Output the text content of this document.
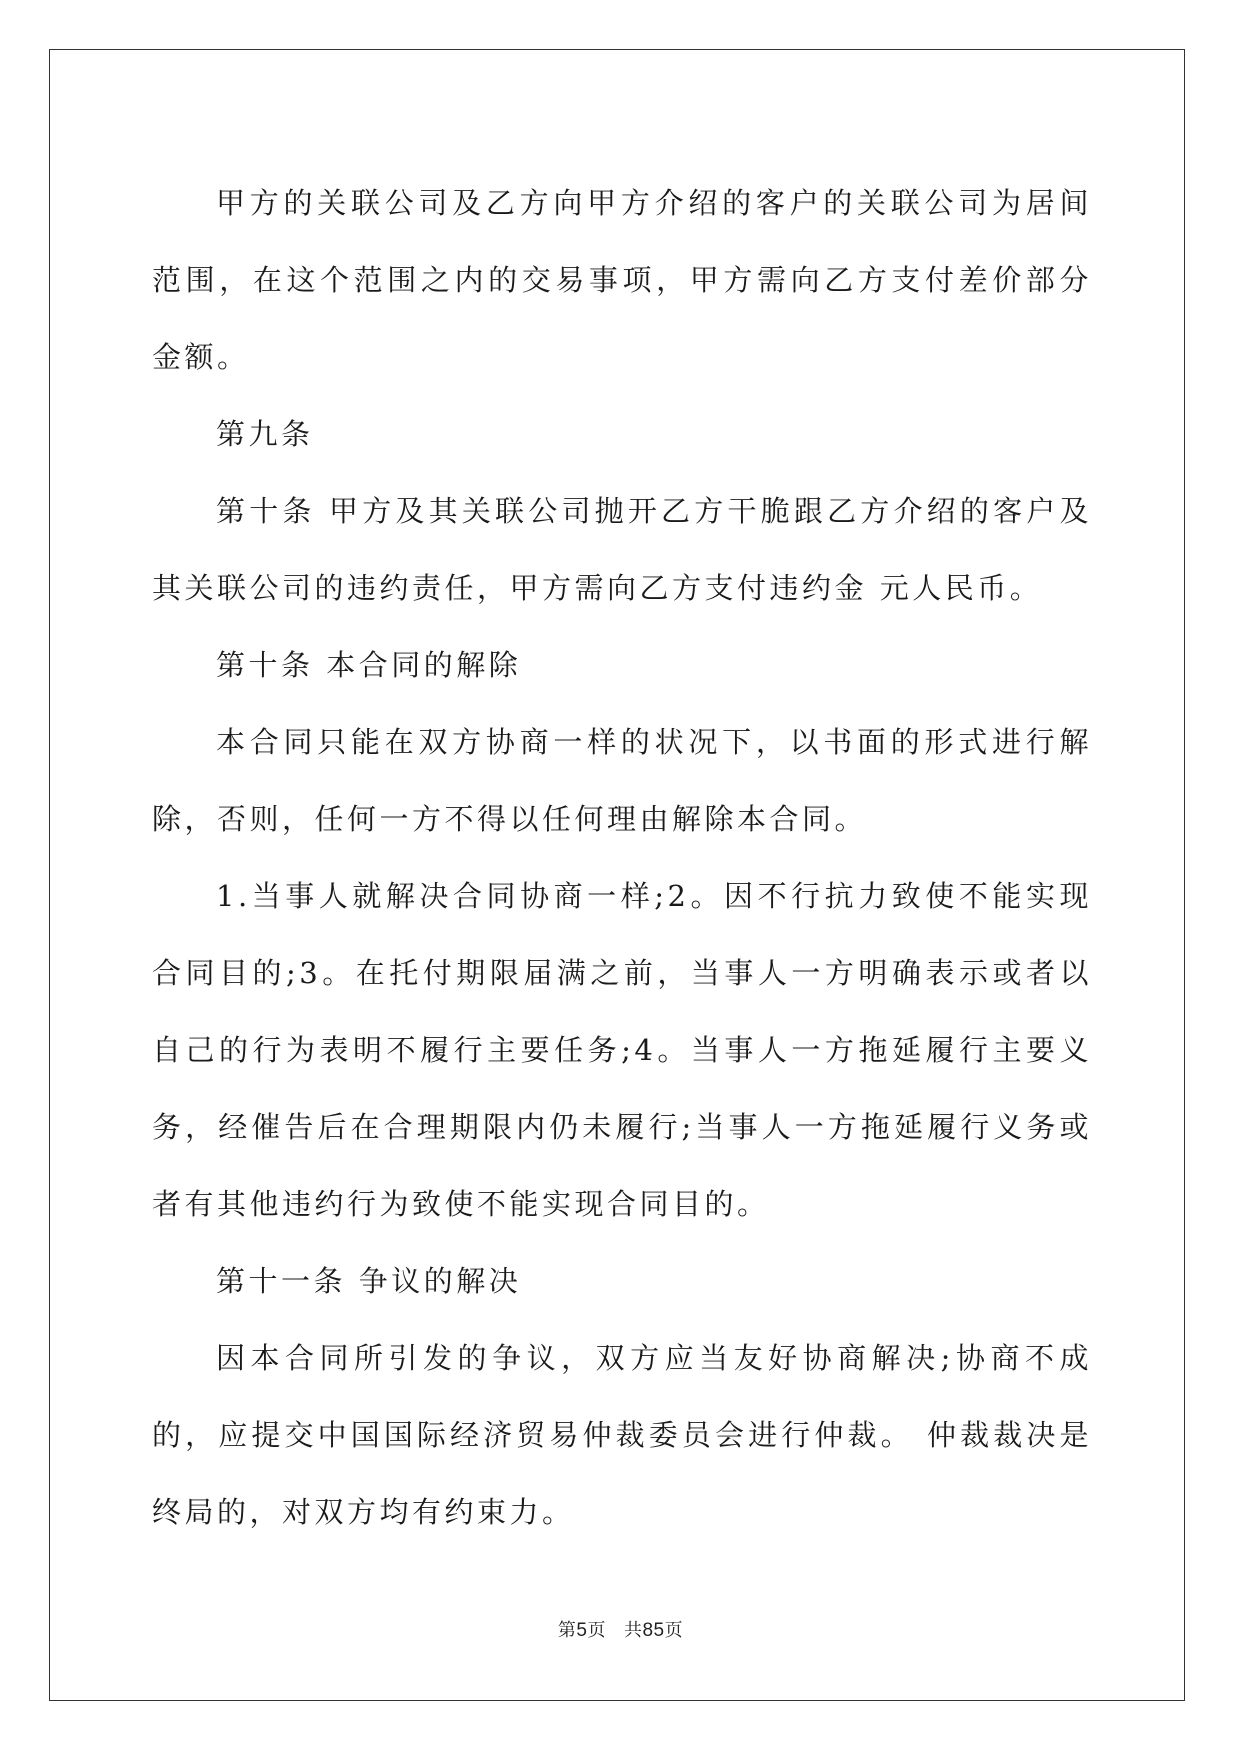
甲方的关联公司及乙方向甲方介绍的客户的关联公司为居间范围，在这个范围之内的交易事项，甲方需向乙方支付差价部分金额。

第九条

第十条 甲方及其关联公司抛开乙方干脆跟乙方介绍的客户及其关联公司的违约责任，甲方需向乙方支付违约金 元人民币。

第十条 本合同的解除

本合同只能在双方协商一样的状况下，以书面的形式进行解除，否则，任何一方不得以任何理由解除本合同。

1.当事人就解决合同协商一样;2。因不行抗力致使不能实现合同目的;3。在托付期限届满之前，当事人一方明确表示或者以自己的行为表明不履行主要任务;4。当事人一方拖延履行主要义务，经催告后在合理期限内仍未履行;当事人一方拖延履行义务或者有其他违约行为致使不能实现合同目的。

第十一条 争议的解决

因本合同所引发的争议，双方应当友好协商解决;协商不成的，应提交中国国际经济贸易仲裁委员会进行仲裁。 仲裁裁决是终局的，对双方均有约束力。

第5页 共85页
